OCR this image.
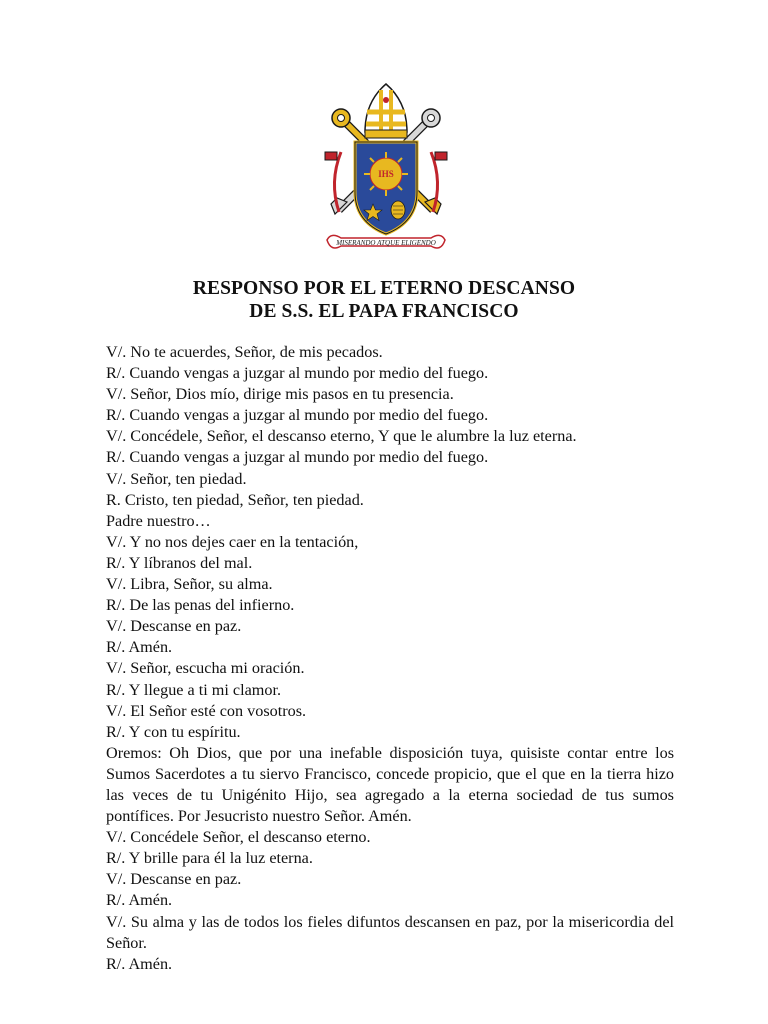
IHS
MISERANDO ATQUE ELIGENDO
RESPONSO POR EL ETERNO DESCANSO
DE S.S. EL PAPA FRANCISCO
V/. No te acuerdes, Señor, de mis pecados.
R/. Cuando vengas a juzgar al mundo por medio del fuego.
V/. Señor, Dios mío, dirige mis pasos en tu presencia.
R/. Cuando vengas a juzgar al mundo por medio del fuego.
V/. Concédele, Señor, el descanso eterno, Y que le alumbre la luz eterna.
R/. Cuando vengas a juzgar al mundo por medio del fuego.
V/. Señor, ten piedad.
R. Cristo, ten piedad, Señor, ten piedad.
Padre nuestro…
V/. Y no nos dejes caer en la tentación,
R/. Y líbranos del mal.
V/. Libra, Señor, su alma.
R/. De las penas del infierno.
V/. Descanse en paz.
R/. Amén.
V/. Señor, escucha mi oración.
R/. Y llegue a ti mi clamor.
V/. El Señor esté con vosotros.
R/. Y con tu espíritu.
Oremos: Oh Dios, que por una inefable disposición tuya, quisiste contar entre los Sumos Sacerdotes a tu siervo Francisco, concede propicio, que el que en la tierra hizo las veces de tu Unigénito Hijo, sea agregado a la eterna sociedad de tus sumos pontífices. Por Jesucristo nuestro Señor. Amén.
V/. Concédele Señor, el descanso eterno.
R/. Y brille para él la luz eterna.
V/. Descanse en paz.
R/. Amén.
V/. Su alma y las de todos los fieles difuntos descansen en paz, por la misericordia del Señor.
R/. Amén.
